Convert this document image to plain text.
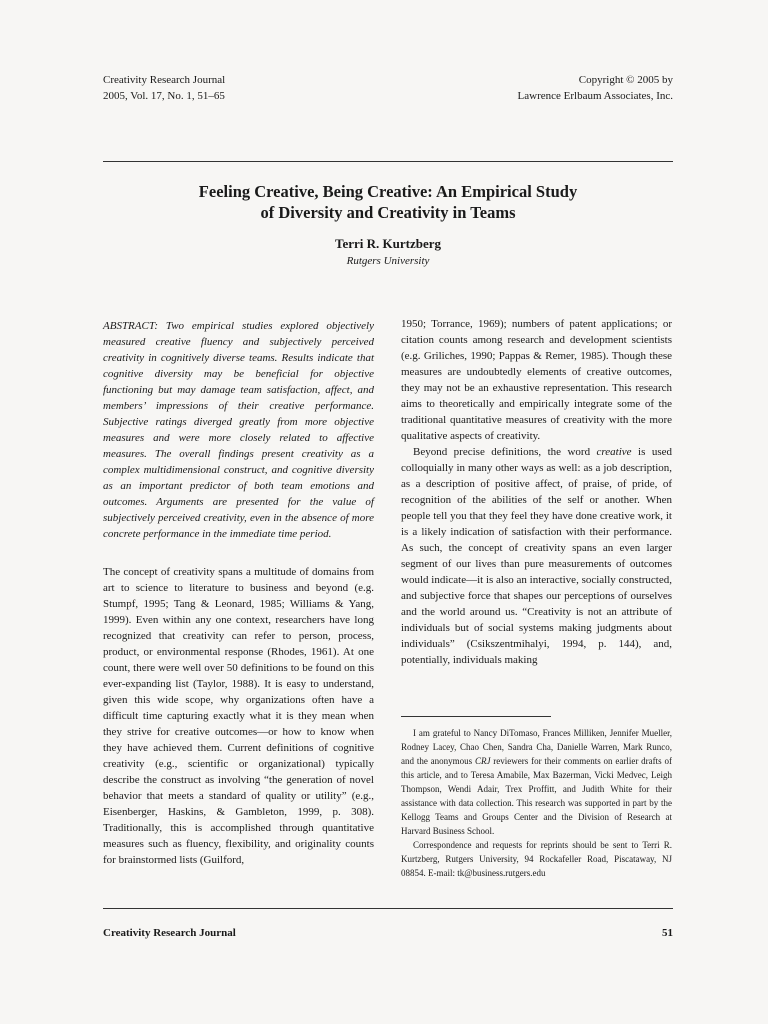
Creativity Research Journal
2005, Vol. 17, No. 1, 51–65
Copyright © 2005 by
Lawrence Erlbaum Associates, Inc.
Feeling Creative, Being Creative: An Empirical Study
of Diversity and Creativity in Teams
Terri R. Kurtzberg
Rutgers University

ABSTRACT: Two empirical studies explored objectively measured creative fluency and subjectively perceived creativity in cognitively diverse teams. Results indicate that cognitive diversity may be beneficial for objective functioning but may damage team satisfaction, affect, and members’ impressions of their creative performance. Subjective ratings diverged greatly from more objective measures and were more closely related to affective measures. The overall findings present creativity as a complex multidimensional construct, and cognitive diversity as an important predictor of both team emotions and outcomes. Arguments are presented for the value of subjectively perceived creativity, even in the absence of more concrete performance in the immediate time period.

The concept of creativity spans a multitude of domains from art to science to literature to business and beyond (e.g. Stumpf, 1995; Tang & Leonard, 1985; Williams & Yang, 1999). Even within any one context, researchers have long recognized that creativity can refer to person, process, product, or environmental response (Rhodes, 1961). At one count, there were well over 50 definitions to be found on this ever-expanding list (Taylor, 1988). It is easy to understand, given this wide scope, why organizations often have a difficult time capturing exactly what it is they mean when they strive for creative outcomes—or how to know when they have achieved them. Current definitions of cognitive creativity (e.g., scientific or organizational) typically describe the construct as involving “the generation of novel behavior that meets a standard of quality or utility” (e.g., Eisenberger, Haskins, & Gambleton, 1999, p. 308). Traditionally, this is accomplished through quantitative measures such as fluency, flexibility, and originality counts for brainstormed lists (Guilford,

1950; Torrance, 1969); numbers of patent applications; or citation counts among research and development scientists (e.g. Griliches, 1990; Pappas & Remer, 1985). Though these measures are undoubtedly elements of creative outcomes, they may not be an exhaustive representation. This research aims to theoretically and empirically integrate some of the traditional quantitative measures of creativity with the more qualitative aspects of creativity.

Beyond precise definitions, the word creative is used colloquially in many other ways as well: as a job description, as a description of positive affect, of praise, of pride, of recognition of the abilities of the self or another. When people tell you that they feel they have done creative work, it is a likely indication of satisfaction with their performance. As such, the concept of creativity spans an even larger segment of our lives than pure measurements of outcomes would indicate—it is also an interactive, socially constructed, and subjective force that shapes our perceptions of ourselves and the world around us. “Creativity is not an attribute of individuals but of social systems making judgments about individuals” (Csikszentmihalyi, 1994, p. 144), and, potentially, individuals making

I am grateful to Nancy DiTomaso, Frances Milliken, Jennifer Mueller, Rodney Lacey, Chao Chen, Sandra Cha, Danielle Warren, Mark Runco, and the anonymous CRJ reviewers for their comments on earlier drafts of this article, and to Teresa Amabile, Max Bazerman, Vicki Medvec, Leigh Thompson, Wendi Adair, Trex Proffitt, and Judith White for their assistance with data collection. This research was supported in part by the Kellogg Teams and Groups Center and the Division of Research at Harvard Business School.

Correspondence and requests for reprints should be sent to Terri R. Kurtzberg, Rutgers University, 94 Rockafeller Road, Piscataway, NJ 08854. E-mail: tk@business.rutgers.edu

Creativity Research Journal	51
